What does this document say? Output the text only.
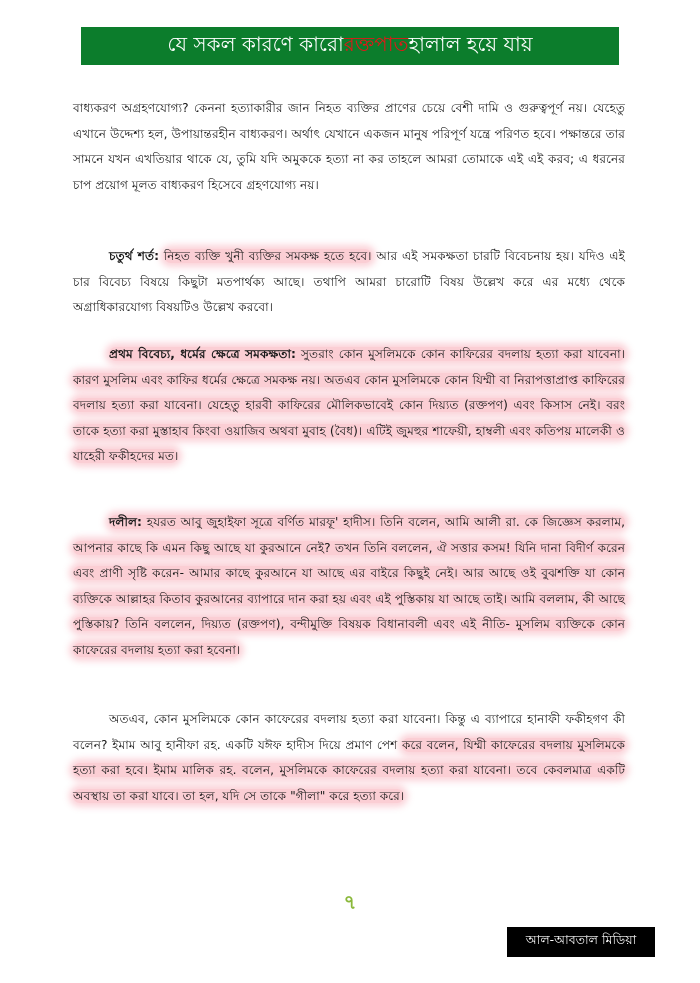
যে সকল কারণে কারো রক্তপাত হালাল হয়ে যায়
বাধ্যকরণ অগ্রহণযোগ্য? কেননা হত্যাকারীর জান নিহত ব্যক্তির প্রাণের চেয়ে বেশী দামি ও গুরুত্বপূর্ণ নয়। যেহেতু এখানে উদ্দেশ্য হল, উপায়ান্তরহীন বাধ্যকরণ। অর্থাৎ যেখানে একজন মানুষ পরিপূর্ণ যন্ত্রে পরিণত হবে। পক্ষান্তরে তার সামনে যখন এখতিয়ার থাকে যে, তুমি যদি অমুককে হত্যা না কর তাহলে আমরা তোমাকে এই এই করব; এ ধরনের চাপ প্রয়োগ মূলত বাধ্যকরণ হিসেবে গ্রহণযোগ্য নয়।
চতুর্থ শর্ত: নিহত ব্যক্তি খুনী ব্যক্তির সমকক্ষ হতে হবে। আর এই সমকক্ষতা চারটি বিবেচনায় হয়। যদিও এই চার বিবেচ্য বিষয়ে কিছুটা মতপার্থক্য আছে। তথাপি আমরা চারোটি বিষয় উল্লেখ করে এর মধ্যে থেকে অগ্রাধিকারযোগ্য বিষয়টিও উল্লেখ করবো।
প্রথম বিবেচ্য, ধর্মের ক্ষেত্রে সমকক্ষতা: সুতরাং কোন মুসলিমকে কোন কাফিরের বদলায় হত্যা করা যাবেনা। কারণ মুসলিম এবং কাফির ধর্মের ক্ষেত্রে সমকক্ষ নয়। অতএব কোন মুসলিমকে কোন যিম্মী বা নিরাপত্তাপ্রাপ্ত কাফিরের বদলায় হত্যা করা যাবেনা। যেহেতু হারবী কাফিরের মৌলিকভাবেই কোন দিয়্যত (রক্তপণ) এবং কিসাস নেই। বরং তাকে হত্যা করা মুস্তাহাব কিংবা ওয়াজিব অথবা মুবাহ (বৈধ)। এটিই জুমহুর শাফেয়ী, হাম্বলী এবং কতিপয় মালেকী ও যাহেরী ফকীহদের মত।
দলীল: হযরত আবু জুহাইফা সূত্রে বর্ণিত মারফূ' হাদীস। তিনি বলেন, আমি আলী রা. কে জিজ্ঞেস করলাম, আপনার কাছে কি এমন কিছু আছে যা কুরআনে নেই? তখন তিনি বললেন, ঐ সত্তার কসম! যিনি দানা বিদীর্ণ করেন এবং প্রাণী সৃষ্টি করেন- আমার কাছে কুরআনে যা আছে এর বাইরে কিছুই নেই। আর আছে ওই বুঝশক্তি যা কোন ব্যক্তিকে আল্লাহর কিতাব কুরআনের ব্যাপারে দান করা হয় এবং এই পুস্তিকায় যা আছে তাই। আমি বললাম, কী আছে পুস্তিকায়? তিনি বললেন, দিয়্যত (রক্তপণ), বন্দীমুক্তি বিষয়ক বিধানাবলী এবং এই নীতি- মুসলিম ব্যক্তিকে কোন কাফেরের বদলায় হত্যা করা হবেনা।
অতএব, কোন মুসলিমকে কোন কাফেরের বদলায় হত্যা করা যাবেনা। কিন্তু এ ব্যাপারে হানাফী ফকীহগণ কী বলেন? ইমাম আবু হানীফা রহ. একটি যঈফ হাদীস দিয়ে প্রমাণ পেশ করে বলেন, যিম্মী কাফেরের বদলায় মুসলিমকে হত্যা করা হবে। ইমাম মালিক রহ. বলেন, মুসলিমকে কাফেরের বদলায় হত্যা করা যাবেনা। তবে কেবলমাত্র একটি অবস্থায় তা করা যাবে। তা হল, যদি সে তাকে "গীলা" করে হত্যা করে।
৭
আল-আবতাল মিডিয়া
